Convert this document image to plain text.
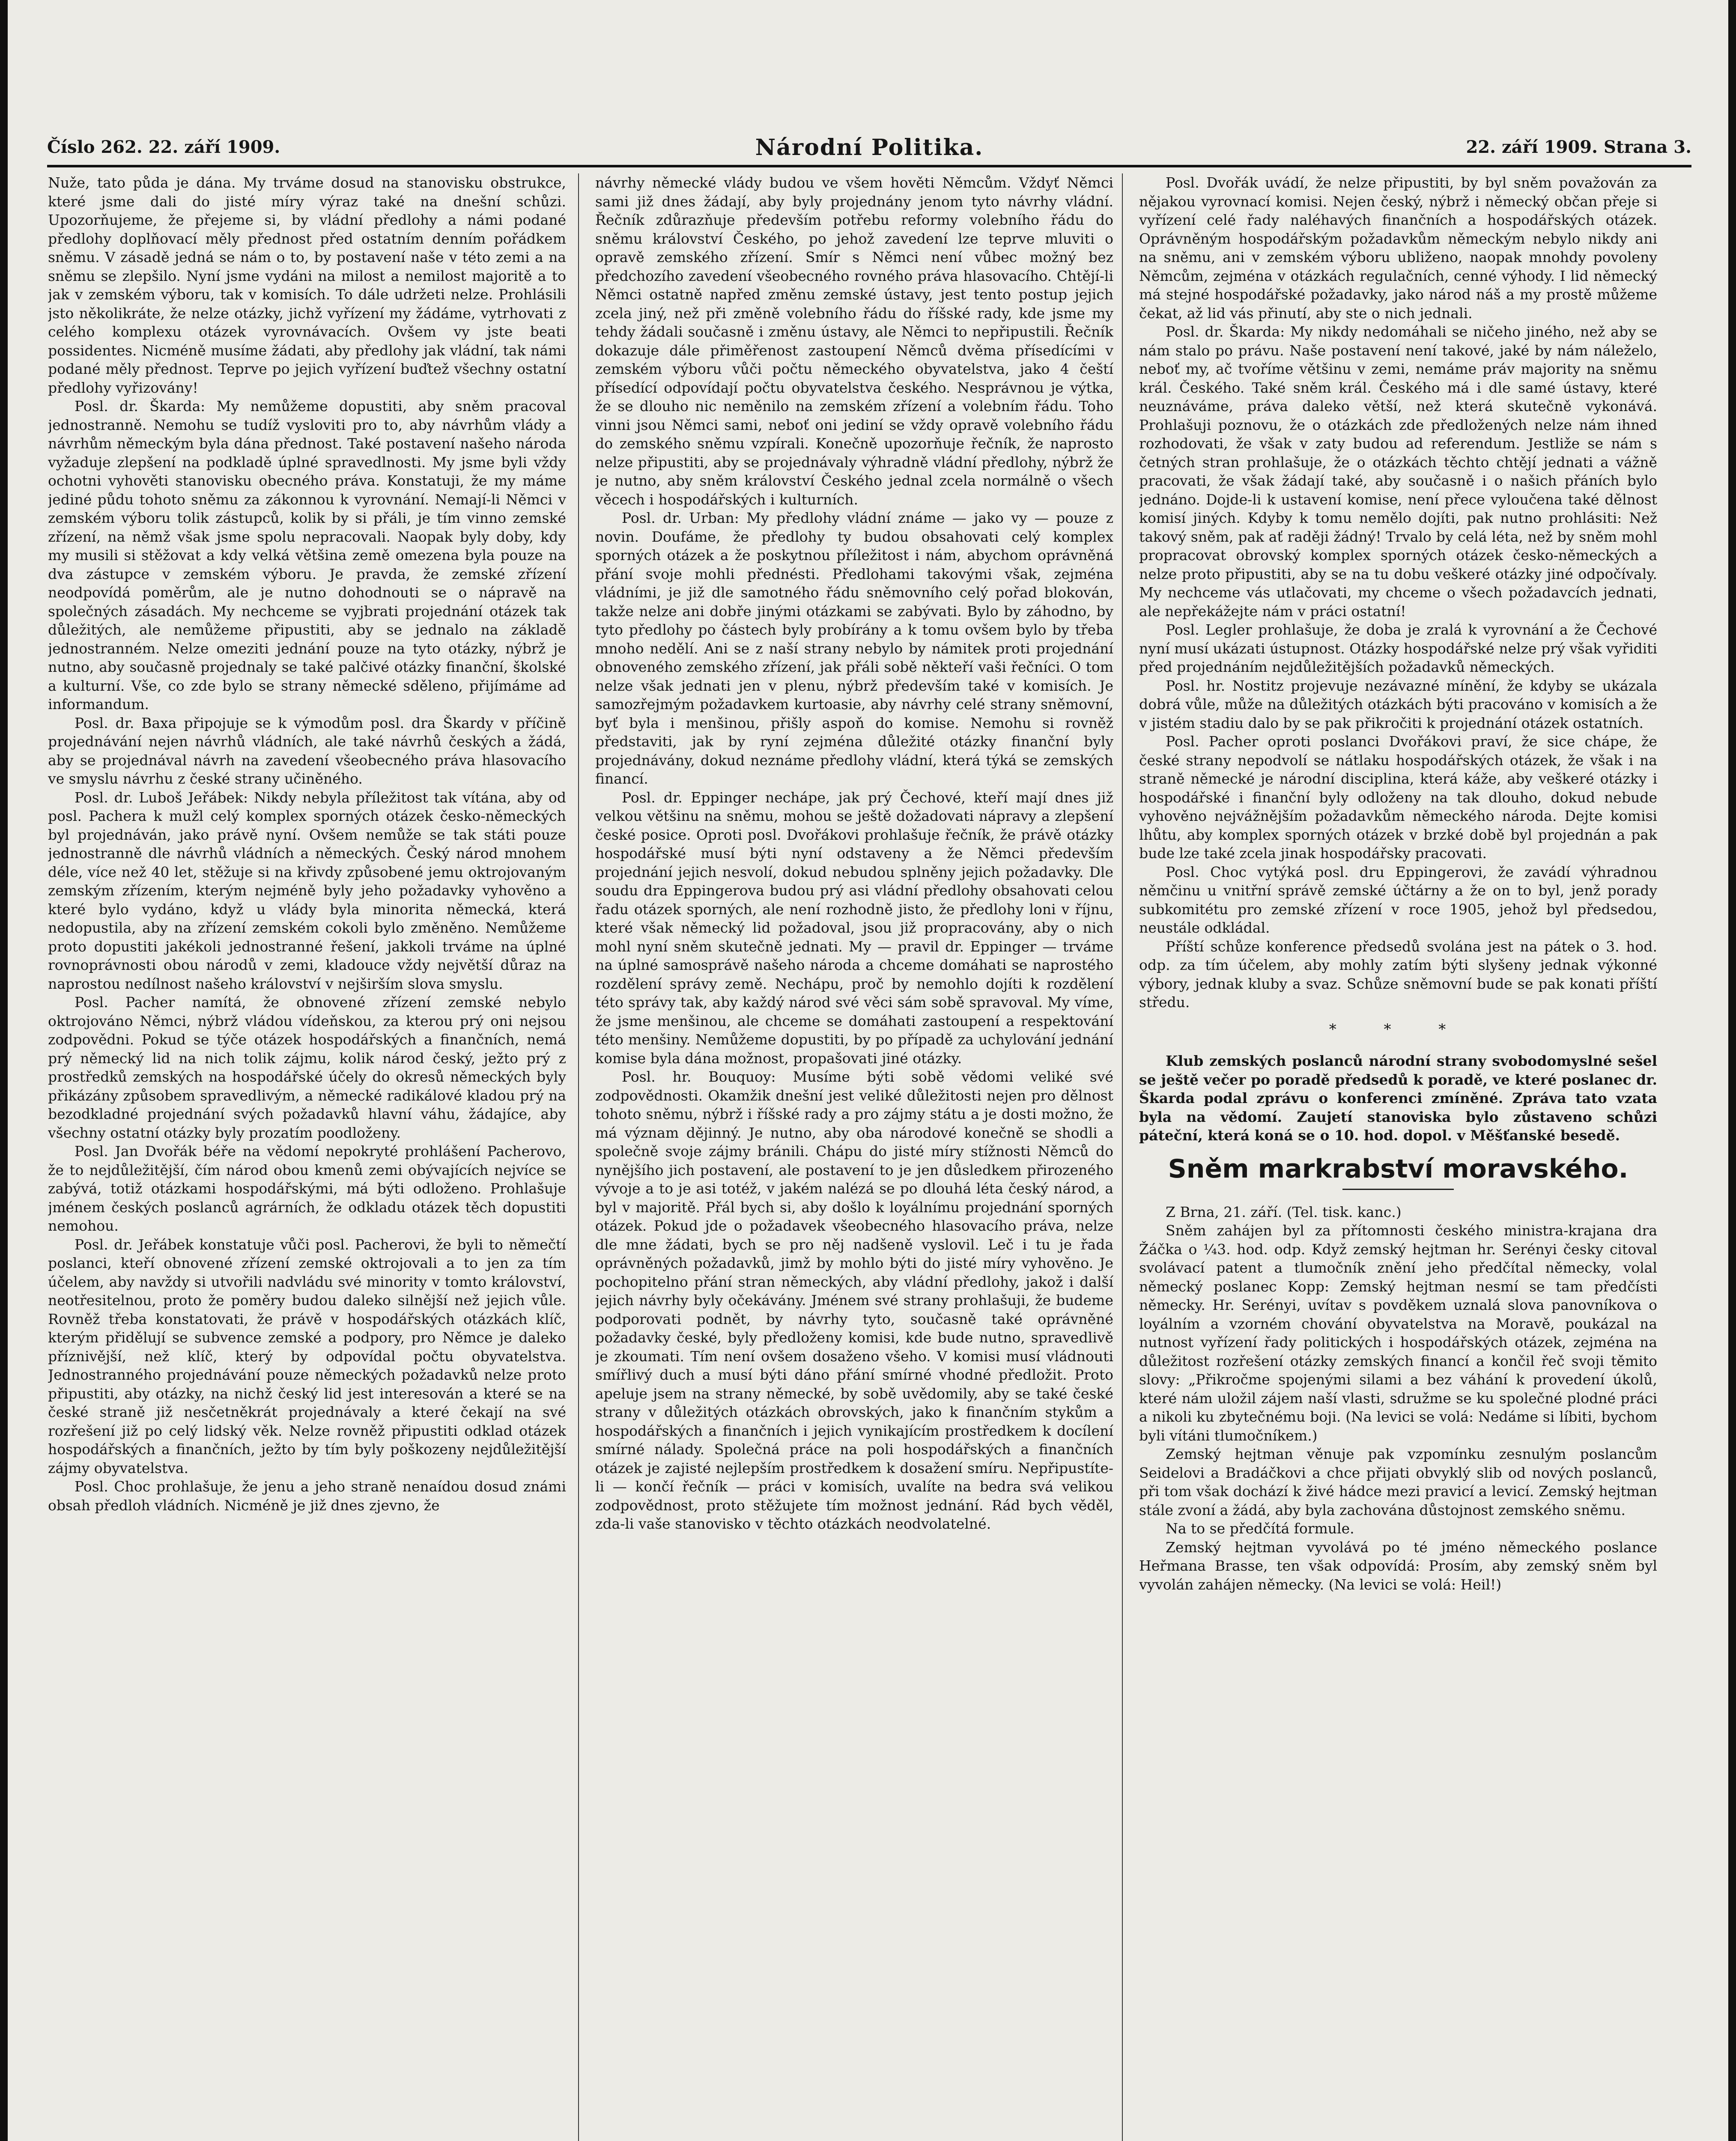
Číslo 262. 22. září 1909.	Národní Politika.	22. září 1909. Strana 3.

Nuže, tato půda je dána. My trváme dosud na stanovisku obstrukce, které jsme dali do jisté míry výraz také na dnešní schůzi. Upozorňujeme, že přejeme si, by vládní předlohy a námi podané předlohy doplňovací měly přednost před ostatním denním pořádkem sněmu. V zásadě jedná se nám o to, by postavení naše v této zemi a na sněmu se zlepšilo. Nyní jsme vydáni na milost a nemilost majoritě a to jak v zemském výboru, tak v komisích. To dále udržeti nelze. Prohlásili jsto několikráte, že nelze otázky, jichž vyřízení my žádáme, vytrhovati z celého komplexu otázek vyrovnávacích. Ovšem vy jste beati possidentes. Nicméně musíme žádati, aby předlohy jak vládní, tak námi podané měly přednost. Teprve po jejich vyřízení buďtež všechny ostatní předlohy vyřizovány!

Posl. dr. Škarda: My nemůžeme dopustiti, aby sněm pracoval jednostranně. Nemohu se tudíž vysloviti pro to, aby návrhům vlády a návrhům německým byla dána přednost. Také postavení našeho národa vyžaduje zlepšení na podkladě úplné spravedlnosti. My jsme byli vždy ochotni vyhověti stanovisku obecného práva. Konstatuji, že my máme jediné půdu tohoto sněmu za zákonnou k vyrovnání. Nemají-li Němci v zemském výboru tolik zástupců, kolik by si přáli, je tím vinno zemské zřízení, na němž však jsme spolu nepracovali. Naopak byly doby, kdy my musili si stěžovat a kdy velká většina země omezena byla pouze na dva zástupce v zemském výboru. Je pravda, že zemské zřízení neodpovídá poměrům, ale je nutno dohodnouti se o nápravě na společných zásadách. My nechceme se vyjbrati projednání otázek tak důležitých, ale nemůžeme připustiti, aby se jednalo na základě jednostranném. Nelze omeziti jednání pouze na tyto otázky, nýbrž je nutno, aby současně projednaly se také palčivé otázky finanční, školské a kulturní. Vše, co zde bylo se strany německé sděleno, přijímáme ad informandum.

Posl. dr. Baxa připojuje se k výmodům posl. dra Škardy v příčině projednávání nejen návrhů vládních, ale také návrhů českých a žádá, aby se projednával návrh na zavedení všeobecného práva hlasovacího ve smyslu návrhu z české strany učiněného.

Posl. dr. Luboš Jeřábek: Nikdy nebyla příležitost tak vítána, aby od posl. Pachera k mužl celý komplex sporných otázek česko-německých byl projednáván, jako právě nyní. Ovšem nemůže se tak státi pouze jednostranně dle návrhů vládních a německých. Český národ mnohem déle, více než 40 let, stěžuje si na křivdy způsobené jemu oktrojovaným zemským zřízením, kterým nejméně byly jeho požadavky vyhověno a které bylo vydáno, když u vlády byla minorita německá, která nedopustila, aby na zřízení zemském cokoli bylo změněno. Nemůžeme proto dopustiti jakékoli jednostranné řešení, jakkoli trváme na úplné rovnoprávnosti obou národů v zemi, kladouce vždy největší důraz na naprostou nedílnost našeho království v nejširším slova smyslu.

Posl. Pacher namítá, že obnovené zřízení zemské nebylo oktrojováno Němci, nýbrž vládou vídeňskou, za kterou prý oni nejsou zodpovědni. Pokud se týče otázek hospodářských a finančních, nemá prý německý lid na nich tolik zájmu, kolik národ český, ježto prý z prostředků zemských na hospodářské účely do okresů německých byly přikázány způsobem spravedlivým, a německé radikálové kladou prý na bezodkladné projednání svých požadavků hlavní váhu, žádajíce, aby všechny ostatní otázky byly prozatím poodloženy.

Posl. Jan Dvořák béře na vědomí nepokryté prohlášení Pacherovo, že to nejdůležitější, čím národ obou kmenů zemi obývajících nejvíce se zabývá, totiž otázkami hospodářskými, má býti odloženo. Prohlašuje jménem českých poslanců agrárních, že odkladu otázek těch dopustiti nemohou.

Posl. dr. Jeřábek konstatuje vůči posl. Pacherovi, že byli to němečtí poslanci, kteří obnovené zřízení zemské oktrojovali a to jen za tím účelem, aby navždy si utvořili nadvládu své minority v tomto království, neotřesitelnou, proto že poměry budou daleko silnější než jejich vůle. Rovněž třeba konstatovati, že právě v hospodářských otázkách klíč, kterým přidělují se subvence zemské a podpory, pro Němce je daleko příznivější, než klíč, který by odpovídal počtu obyvatelstva. Jednostranného projednávání pouze německých požadavků nelze proto připustiti, aby otázky, na nichž český lid jest interesován a které se na české straně již nesčetněkrát projednávaly a které čekají na své rozřešení již po celý lidský věk. Nelze rovněž připustiti odklad otázek hospodářských a finančních, ježto by tím byly poškozeny nejdůležitější zájmy obyvatelstva.

Posl. Choc prohlašuje, že jenu a jeho straně nenaídou dosud známi obsah předloh vládních. Nicméně je již dnes zjevno, že

návrhy německé vlády budou ve všem hověti Němcům. Vždyť Němci sami již dnes žádají, aby byly projednány jenom tyto návrhy vládní. Řečník zdůrazňuje především potřebu reformy volebního řádu do sněmu království Českého, po jehož zavedení lze teprve mluviti o opravě zemského zřízení. Smír s Němci není vůbec možný bez předchozího zavedení všeobecného rovného práva hlasovacího. Chtějí-li Němci ostatně napřed změnu zemské ústavy, jest tento postup jejich zcela jiný, než při změně volebního řádu do říšské rady, kde jsme my tehdy žádali současně i změnu ústavy, ale Němci to nepřipustili. Řečník dokazuje dále přiměřenost zastoupení Němců dvěma přísedícími v zemském výboru vůči počtu německého obyvatelstva, jako 4 čeští přísedící odpovídají počtu obyvatelstva českého. Nesprávnou je výtka, že se dlouho nic neměnilo na zemském zřízení a volebním řádu. Toho vinni jsou Němci sami, neboť oni jediní se vždy opravě volebního řádu do zemského sněmu vzpírali. Konečně upozorňuje řečník, že naprosto nelze připustiti, aby se projednávaly výhradně vládní předlohy, nýbrž že je nutno, aby sněm království Českého jednal zcela normálně o všech věcech i hospodářských i kulturních.

Posl. dr. Urban: My předlohy vládní známe — jako vy — pouze z novin. Doufáme, že předlohy ty budou obsahovati celý komplex sporných otázek a že poskytnou příležitost i nám, abychom oprávněná přání svoje mohli přednésti. Předlohami takovými však, zejména vládními, je již dle samotného řádu sněmovního celý pořad blokován, takže nelze ani dobře jinými otázkami se zabývati. Bylo by záhodno, by tyto předlohy po částech byly probírány a k tomu ovšem bylo by třeba mnoho nedělí. Ani se z naší strany nebylo by námitek proti projednání obnoveného zemského zřízení, jak přáli sobě někteří vaši řečníci. O tom nelze však jednati jen v plenu, nýbrž především také v komisích. Je samozřejmým požadavkem kurtoasie, aby návrhy celé strany sněmovní, byť byla i menšinou, přišly aspoň do komise. Nemohu si rovněž představiti, jak by ryní zejména důležité otázky finanční byly projednávány, dokud neznáme předlohy vládní, která týká se zemských financí.

Posl. dr. Eppinger nechápe, jak prý Čechové, kteří mají dnes již velkou většinu na sněmu, mohou se ještě dožadovati nápravy a zlepšení české posice. Oproti posl. Dvořákovi prohlašuje řečník, že právě otázky hospodářské musí býti nyní odstaveny a že Němci především projednání jejich nesvolí, dokud nebudou splněny jejich požadavky. Dle soudu dra Eppingerova budou prý asi vládní předlohy obsahovati celou řadu otázek sporných, ale není rozhodně jisto, že předlohy loni v říjnu, které však německý lid požadoval, jsou již propracovány, aby o nich mohl nyní sněm skutečně jednati. My — pravil dr. Eppinger — trváme na úplné samosprávě našeho národa a chceme domáhati se naprostého rozdělení správy země. Nechápu, proč by nemohlo dojíti k rozdělení této správy tak, aby každý národ své věci sám sobě spravoval. My víme, že jsme menšinou, ale chceme se domáhati zastoupení a respektování této menšiny. Nemůžeme dopustiti, by po případě za uchylování jednání komise byla dána možnost, propašovati jiné otázky.

Posl. hr. Bouquoy: Musíme býti sobě vědomi veliké své zodpovědnosti. Okamžik dnešní jest veliké důležitosti nejen pro dělnost tohoto sněmu, nýbrž i říšské rady a pro zájmy státu a je dosti možno, že má význam dějinný. Je nutno, aby oba národové konečně se shodli a společně svoje zájmy bránili. Chápu do jisté míry stížnosti Němců do nynějšího jich postavení, ale postavení to je jen důsledkem přirozeného vývoje a to je asi totéž, v jakém nalézá se po dlouhá léta český národ, a byl v majoritě. Přál bych si, aby došlo k loyálnímu projednání sporných otázek. Pokud jde o požadavek všeobecného hlasovacího práva, nelze dle mne žádati, bych se pro něj nadšeně vyslovil. Leč i tu je řada oprávněných požadavků, jimž by mohlo býti do jisté míry vyhověno. Je pochopitelno přání stran německých, aby vládní předlohy, jakož i další jejich návrhy byly očekávány. Jménem své strany prohlašuji, že budeme podporovati podnět, by návrhy tyto, současně také oprávněné požadavky české, byly předloženy komisi, kde bude nutno, spravedlivě je zkoumati. Tím není ovšem dosaženo všeho. V komisi musí vládnouti smířlivý duch a musí býti dáno přání smírné vhodné předložit. Proto apeluje jsem na strany německé, by sobě uvědomily, aby se také české strany v důležitých otázkách obrovských, jako k finančním stykům a hospodářských a finančních i jejich vynikajícím prostředkem k docílení smírné nálady. Společná práce na poli hospodářských a finančních otázek je zajisté nejlepším prostředkem k dosažení smíru. Nepřipustíte-li — končí řečník — práci v komisích, uvalíte na bedra svá velikou zodpovědnost, proto stěžujete tím možnost jednání. Rád bych věděl, zda-li vaše stanovisko v těchto otázkách neodvolatelné.

Posl. Dvořák uvádí, že nelze připustiti, by byl sněm považován za nějakou vyrovnací komisi. Nejen český, nýbrž i německý občan přeje si vyřízení celé řady naléhavých finančních a hospodářských otázek. Oprávněným hospodářským požadavkům německým nebylo nikdy ani na sněmu, ani v zemském výboru ubliženo, naopak mnohdy povoleny Němcům, zejména v otázkách regulačních, cenné výhody. I lid německý má stejné hospodářské požadavky, jako národ náš a my prostě můžeme čekat, až lid vás přinutí, aby ste o nich jednali.

Posl. dr. Škarda: My nikdy nedomáhali se ničeho jiného, než aby se nám stalo po právu. Naše postavení není takové, jaké by nám náleželo, neboť my, ač tvoříme většinu v zemi, nemáme práv majority na sněmu král. Českého. Také sněm král. Českého má i dle samé ústavy, které neuznáváme, práva daleko větší, než která skutečně vykonává. Prohlašuji poznovu, že o otázkách zde předložených nelze nám ihned rozhodovati, že však v zaty budou ad referendum. Jestliže se nám s četných stran prohlašuje, že o otázkách těchto chtějí jednati a vážně pracovati, že však žádají také, aby současně i o našich přáních bylo jednáno. Dojde-li k ustavení komise, není přece vyloučena také dělnost komisí jiných. Kdyby k tomu nemělo dojíti, pak nutno prohlásiti: Než takový sněm, pak ať raději žádný! Trvalo by celá léta, než by sněm mohl propracovat obrovský komplex sporných otázek česko-německých a nelze proto připustiti, aby se na tu dobu veškeré otázky jiné odpočívaly. My nechceme vás utlačovati, my chceme o všech požadavcích jednati, ale nepřekážejte nám v práci ostatní!

Posl. Legler prohlašuje, že doba je zralá k vyrovnání a že Čechové nyní musí ukázati ústupnost. Otázky hospodářské nelze prý však vyřiditi před projednáním nejdůležitějších požadavků německých.

Posl. hr. Nostitz projevuje nezávazné mínění, že kdyby se ukázala dobrá vůle, může na důležitých otázkách býti pracováno v komisích a že v jistém stadiu dalo by se pak přikročiti k projednání otázek ostatních.

Posl. Pacher oproti poslanci Dvořákovi praví, že sice chápe, že české strany nepodvolí se nátlaku hospodářských otázek, že však i na straně německé je národní disciplina, která káže, aby veškeré otázky i hospodářské i finanční byly odloženy na tak dlouho, dokud nebude vyhověno nejvážnějším požadavkům německého národa. Dejte komisi lhůtu, aby komplex sporných otázek v brzké době byl projednán a pak bude lze také zcela jinak hospodářsky pracovati.

Posl. Choc vytýká posl. dru Eppingerovi, že zavádí výhradnou němčinu u vnitřní správě zemské účtárny a že on to byl, jenž porady subkomitétu pro zemské zřízení v roce 1905, jehož byl předsedou, neustále odkládal.

Příští schůze konference předsedů svolána jest na pátek o 3. hod. odp. za tím účelem, aby mohly zatím býti slyšeny jednak výkonné výbory, jednak kluby a svaz. Schůze sněmovní bude se pak konati příští středu.

* * *

Klub zemských poslanců národní strany svobodomyslné sešel se ještě večer po poradě předsedů k poradě, ve které poslanec dr. Škarda podal zprávu o konferenci zmíněné. Zpráva tato vzata byla na vědomí. Zaujetí stanoviska bylo zůstaveno schůzi páteční, která koná se o 10. hod. dopol. v Měšťanské besedě.

Sněm markrabství moravského.

Z Brna, 21. září. (Tel. tisk. kanc.)

Sněm zahájen byl za přítomnosti českého ministra-krajana dra Žáčka o ¼3. hod. odp. Když zemský hejtman hr. Serényi česky citoval svolávací patent a tlumočník znění jeho předčítal německy, volal německý poslanec Kopp: Zemský hejtman nesmí se tam předčísti německy. Hr. Serényi, uvítav s povděkem uznalá slova panovníkova o loyálním a vzorném chování obyvatelstva na Moravě, poukázal na nutnost vyřízení řady politických i hospodářských otázek, zejména na důležitost rozřešení otázky zemských financí a končil řeč svoji těmito slovy: „Přikročme spojenými silami a bez váhání k provedení úkolů, které nám uložil zájem naší vlasti, sdružme se ku společné plodné práci a nikoli ku zbytečnému boji. (Na levici se volá: Nedáme si líbiti, bychom byli vítáni tlumočníkem.)

Zemský hejtman věnuje pak vzpomínku zesnulým poslancům Seidelovi a Bradáčkovi a chce přijati obvyklý slib od nových poslanců, při tom však dochází k živé hádce mezi pravicí a levicí. Zemský hejtman stále zvoní a žádá, aby byla zachována důstojnost zemského sněmu.

Na to se předčítá formule.

Zemský hejtman vyvolává po té jméno německého poslance Heřmana Brasse, ten však odpovídá: Prosím, aby zemský sněm byl vyvolán zahájen německy. (Na levici se volá: Heil!)
